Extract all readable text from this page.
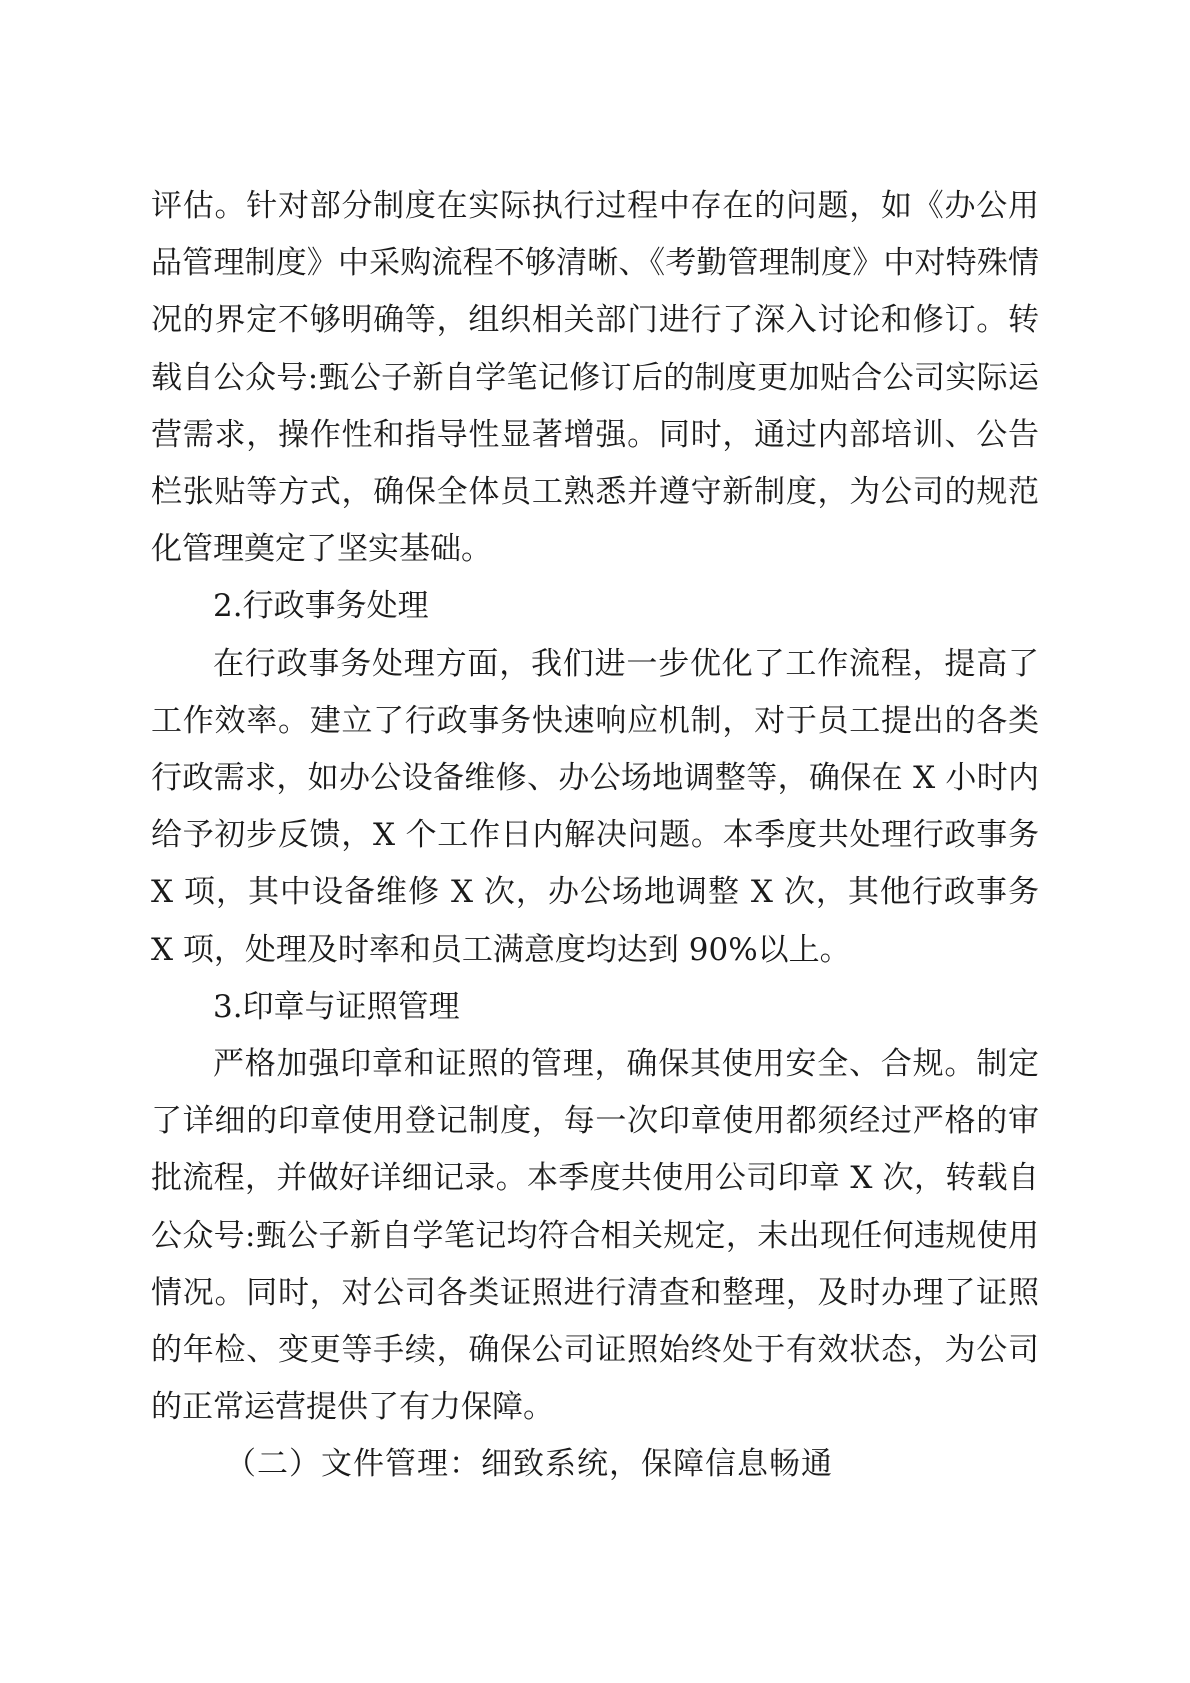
评估。针对部分制度在实际执行过程中存在的问题，如《办公用品管理制度》中采购流程不够清晰、《考勤管理制度》中对特殊情况的界定不够明确等，组织相关部门进行了深入讨论和修订。转载自公众号:甄公子新自学笔记修订后的制度更加贴合公司实际运营需求，操作性和指导性显著增强。同时，通过内部培训、公告栏张贴等方式，确保全体员工熟悉并遵守新制度，为公司的规范化管理奠定了坚实基础。

2.行政事务处理

在行政事务处理方面，我们进一步优化了工作流程，提高了工作效率。建立了行政事务快速响应机制，对于员工提出的各类行政需求，如办公设备维修、办公场地调整等，确保在 X 小时内给予初步反馈，X 个工作日内解决问题。本季度共处理行政事务 X 项，其中设备维修 X 次，办公场地调整 X 次，其他行政事务 X 项，处理及时率和员工满意度均达到 90%以上。

3.印章与证照管理

严格加强印章和证照的管理，确保其使用安全、合规。制定了详细的印章使用登记制度，每一次印章使用都须经过严格的审批流程，并做好详细记录。本季度共使用公司印章 X 次，转载自公众号:甄公子新自学笔记均符合相关规定，未出现任何违规使用情况。同时，对公司各类证照进行清查和整理，及时办理了证照的年检、变更等手续，确保公司证照始终处于有效状态，为公司的正常运营提供了有力保障。

（二）文件管理：细致系统，保障信息畅通
